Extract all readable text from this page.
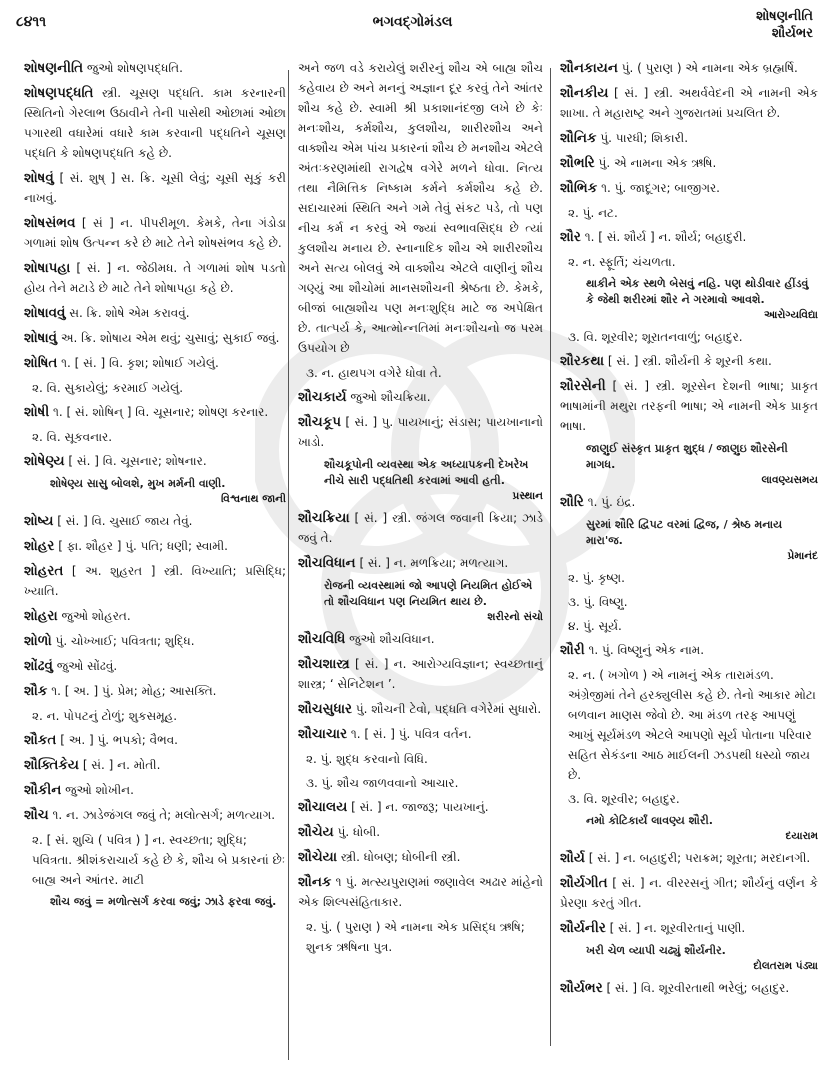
૮૪૧૧	ભગવદ્ગોમંડલ	શોષણનીતિ
શૌર્યભર
શોષણનીતિ જુઓ શોષણપદ્ધતિ.
શોષણપદ્ધતિ સ્ત્રી. ચૂસણ પદ્ધતિ. કામ કરનારની સ્થિતિનો ગેરલાભ ઉઠાવીને તેની પાસેથી ઓછામાં ઓછા પગારથી વધારેમાં વધારે કામ કરવાની પદ્ધતિને ચૂસણ પદ્ધતિ કે શોષણપદ્ધતિ કહે છે.
શોષવું [ સં. શુષ્ ] સ. ક્રિ. ચૂસી લેવું; ચૂસી સૂકું કરી નાખવું.
શોષસંભવ [ સં ] ન. પીપરીમૂળ. કેમકે, તેના ગંડોડા ગળામાં શોષ ઉત્પન્ન કરે છે માટે તેને શોષસંભવ કહે છે.
શોષાપહા [ સં. ] ન. જેઠીમધ. તે ગળામાં શોષ પડતો હોય તેને મટાડે છે માટે તેને શોષાપહા કહે છે.
શોષાવવું સ. ક્રિ. શોષે એમ કરાવવું.
શોષાવું અ. ક્રિ. શોષાય એમ થવું; ચુસાવું; સુકાઈ જવું.
શોષિત ૧. [ સં. ] વિ. કૃશ; શોષાઈ ગયેલું.
૨. વિ. સુકાયેલું; કરમાઈ ગયેલું.
શોષી ૧. [ સં. શોષિન્ ] વિ. ચૂસનાર; શોષણ કરનાર.
૨. વિ. સૂકવનાર.
શોષેણ્ય [ સં. ] વિ. ચૂસનાર; શોષનાર.
શોષેણ્ય સાસુ બોલશે, મુખ મર્મની વાણી.
વિશ્વનાથ જાની
શોષ્ય [ સં. ] વિ. ચુસાઈ જાય તેવું.
શોહર [ ફા. શૌહર ] પું. પતિ; ધણી; સ્વામી.
શોહરત [ અ. શુહરત ] સ્ત્રી. વિખ્યાતિ; પ્રસિદ્ધિ; ખ્યાતિ.
શોહરા જુઓ શોહરત.
શોળો પું. ચોખ્ખાઈ; પવિત્રતા; શુદ્ધિ.
શોંઢવું જુઓ સોંઢવું.
શૌક ૧. [ અ. ] પું. પ્રેમ; મોહ; આસક્તિ.
૨. ન. પોપટનું ટોળું; શુકસમૂહ.
શૌકત [ અ. ] પું. ભપકો; વૈભવ.
શૌક્તિકેય [ સં. ] ન. મોતી.
શૌકીન જુઓ શોખીન.
શૌચ ૧. ન. ઝાડેજંગલ જવું તે; મલોત્સર્ગ; મળત્યાગ.
૨. [ સં. શુચિ ( પવિત્ર ) ] ન. સ્વચ્છતા; શુદ્ધિ; પવિત્રતા. શ્રીશંકરાચાર્ય કહે છે કે, શૌચ બે પ્રકારનાં છેઃ બાહ્ય અને આંતર. માટી
શૌચ જવું = મળોત્સર્ગ કરવા જવું; ઝાડે ફરવા જવું.
અને જળ વડે કરાયેલું શરીરનું શૌચ એ બાહ્ય શૌચ કહેવાય છે અને મનનું અજ્ઞાન દૂર કરવું તેને આંતર શૌચ કહે છે. સ્વામી શ્રી પ્રકાશાનંદજી લખે છે કેઃ મનઃશૌચ, કર્મશૌચ, કુલશૌચ, શારીરશૌચ અને વાક્શૌચ એમ પાંચ પ્રકારનાં શૌચ છે મનશૌચ એટલે અંતઃકરણમાંથી રાગદ્વેષ વગેરે મળને ધોવા. નિત્ય તથા નૈમિત્તિક નિષ્કામ કર્મને કર્મશૌચ કહે છે. સદાચારમાં સ્થિતિ અને ગમે તેવું સંકટ પડે, તો પણ નીચ કર્મ ન કરવું એ જ્યાં સ્વભાવસિદ્ધ છે ત્યાં કુલશૌચ મનાય છે. સ્નાનાદિક શૌચ એ શારીરશૌચ અને સત્ય બોલવું એ વાક્શૌચ એટલે વાણીનું શૌચ ગણ્યું આ શૌચોમાં માનસશૌચની શ્રેષ્ઠતા છે. કેમકે, બીજાં બાહ્યશૌચ પણ મનઃશુદ્ધિ માટે જ અપેક્ષિત છે. તાત્પર્ય કે, આત્મોન્નતિમાં મનઃશૌચનો જ પરમ ઉપયોગ છે
૩. ન. હાથપગ વગેરે ધોવા તે.
શૌચકાર્ય જુઓ શૌચક્રિયા.
શૌચકૂપ [ સં. ] પુ. પાયખાનું; સંડાસ; પાયખાનાનો ખાડો.
શૌચકૂપોની વ્યવસ્થા એક અધ્યાપકની દેખરેખ નીચે સારી પદ્ધતિથી કરવામાં આવી હતી.
પ્રસ્થાન
શૌચક્રિયા [ સં. ] સ્ત્રી. જંગલ જવાની ક્રિયા; ઝાડે જવું તે.
શૌચવિધાન [ સં. ] ન. મળક્રિયા; મળત્યાગ.
રોજની વ્યવસ્થામાં જો આપણે નિયમિત હોઈએ તો શૌચવિધાન પણ નિયમિત થાય છે.
શરીરનો સંચો
શૌચવિધિ જુઓ શૌચવિધાન.
શૌચશાસ્ત્ર [ સં. ] ન. આરોગ્યવિજ્ઞાન; સ્વચ્છતાનું શાસ્ત્ર; ‘ સેનિટેશન ’.
શૌચસુધાર પું. શૌચની ટેવો, પદ્ધતિ વગેરેમાં સુધારો.
શૌચાચાર ૧. [ સં. ] પું. પવિત્ર વર્તન.
૨. પું. શુદ્ધ કરવાનો વિધિ.
૩. પું. શૌચ જાળવવાનો આચાર.
શૌચાલય [ સં. ] ન. જાજરૂ; પાયખાનું.
શૌચેય પું. ધોબી.
શૌચેયા સ્ત્રી. ધોબણ; ધોબીની સ્ત્રી.
શૌનક ૧ પું. મત્સ્યપુરાણમાં જણાવેલ અઢાર માંહેનો એક શિલ્પસંહિતાકાર.
૨. પું. ( પુરાણ ) એ નામના એક પ્રસિદ્ધ ઋષિ; શુનક ઋષિના પુત્ર.
શૌનકાયન પું. ( પુરાણ ) એ નામના એક બ્રહ્મર્ષિ.
શૌનકીય [ સં. ] સ્ત્રી. અથર્વવેદની એ નામની એક શાખા. તે મહારાષ્ટ્ર અને ગુજરાતમાં પ્રચલિત છે.
શૌનિક પું. પારધી; શિકારી.
શૌભરિ પું. એ નામના એક ઋષિ.
શૌભિક ૧. પું. જાદૂગર; બાજીગર.
૨. પું. નટ.
શૌર ૧. [ સં. શૌર્ય ] ન. શૌર્ય; બહાદુરી.
૨. ન. સ્ફૂર્તિ; ચંચળતા.
થાકીને એક સ્થળે બેસવું નહિ. પણ થોડીવાર હીંડવું કે જેથી શરીરમાં શૌર ને ગરમાવો આવશે.
આરોગ્યવિદ્યા
૩. વિ. શૂરવીર; શૂરાતનવાળું; બહાદુર.
શૌરકથા [ સં. ] સ્ત્રી. શૌર્યની કે શૂરની કથા.
શૌરસેની [ સં. ] સ્ત્રી. શૂરસેન દેશની ભાષા; પ્રાકૃત ભાષામાંની મથુરા તરફની ભાષા; એ નામની એક પ્રાકૃત ભાષા.
જાણુઈ સંસ્કૃત પ્રાકૃત શુદ્ધ / જાણુઇ શૌરસેની માગધ.
લાવણ્યસમય
શૌરિ ૧. પું. ઇંદ્ર.
સુરમાં શૌરિ દ્વિપટ વરમાં દ્વિજ, / શ્રેષ્ઠ મનાય મારા'જ.
પ્રેમાનંદ
૨. પું. કૃષ્ણ.
૩. પું. વિષ્ણુ.
૪. પું. સૂર્ય.
શૌરી ૧. પું. વિષ્ણુનું એક નામ.
૨. ન. ( ખગોળ ) એ નામનું એક તારામંડળ. અંગ્રેજીમાં તેને હરક્યુલીસ કહે છે. તેનો આકાર મોટા બળવાન માણસ જેવો છે. આ મંડળ તરફ આપણું આખું સૂર્યમંડળ એટલે આપણો સૂર્ય પોતાના પરિવાર સહિત સેકંડના આઠ માઈલની ઝડપથી ધસ્યો જાય છે.
૩. વિ. શૂરવીર; બહાદુર.
નમો કોટિકાર્યં લાવણ્ય શૌરી.
દયારામ
શૌર્ય [ સં. ] ન. બહાદુરી; પરાક્રમ; શૂરતા; મરદાનગી.
શૌર્યગીત [ સં. ] ન. વીરરસનું ગીત; શૌર્યનું વર્ણન કે પ્રેરણા કરતું ગીત.
શૌર્યનીર [ સં. ] ન. શૂરવીરતાનું પાણી.
ખરી ચેળ વ્યાપી ચઢ્યું શૌર્યનીર.
દોલતરામ પંડ્યા
શૌર્યભર [ સં. ] વિ. શૂરવીરતાથી ભરેલું; બહાદુર.
